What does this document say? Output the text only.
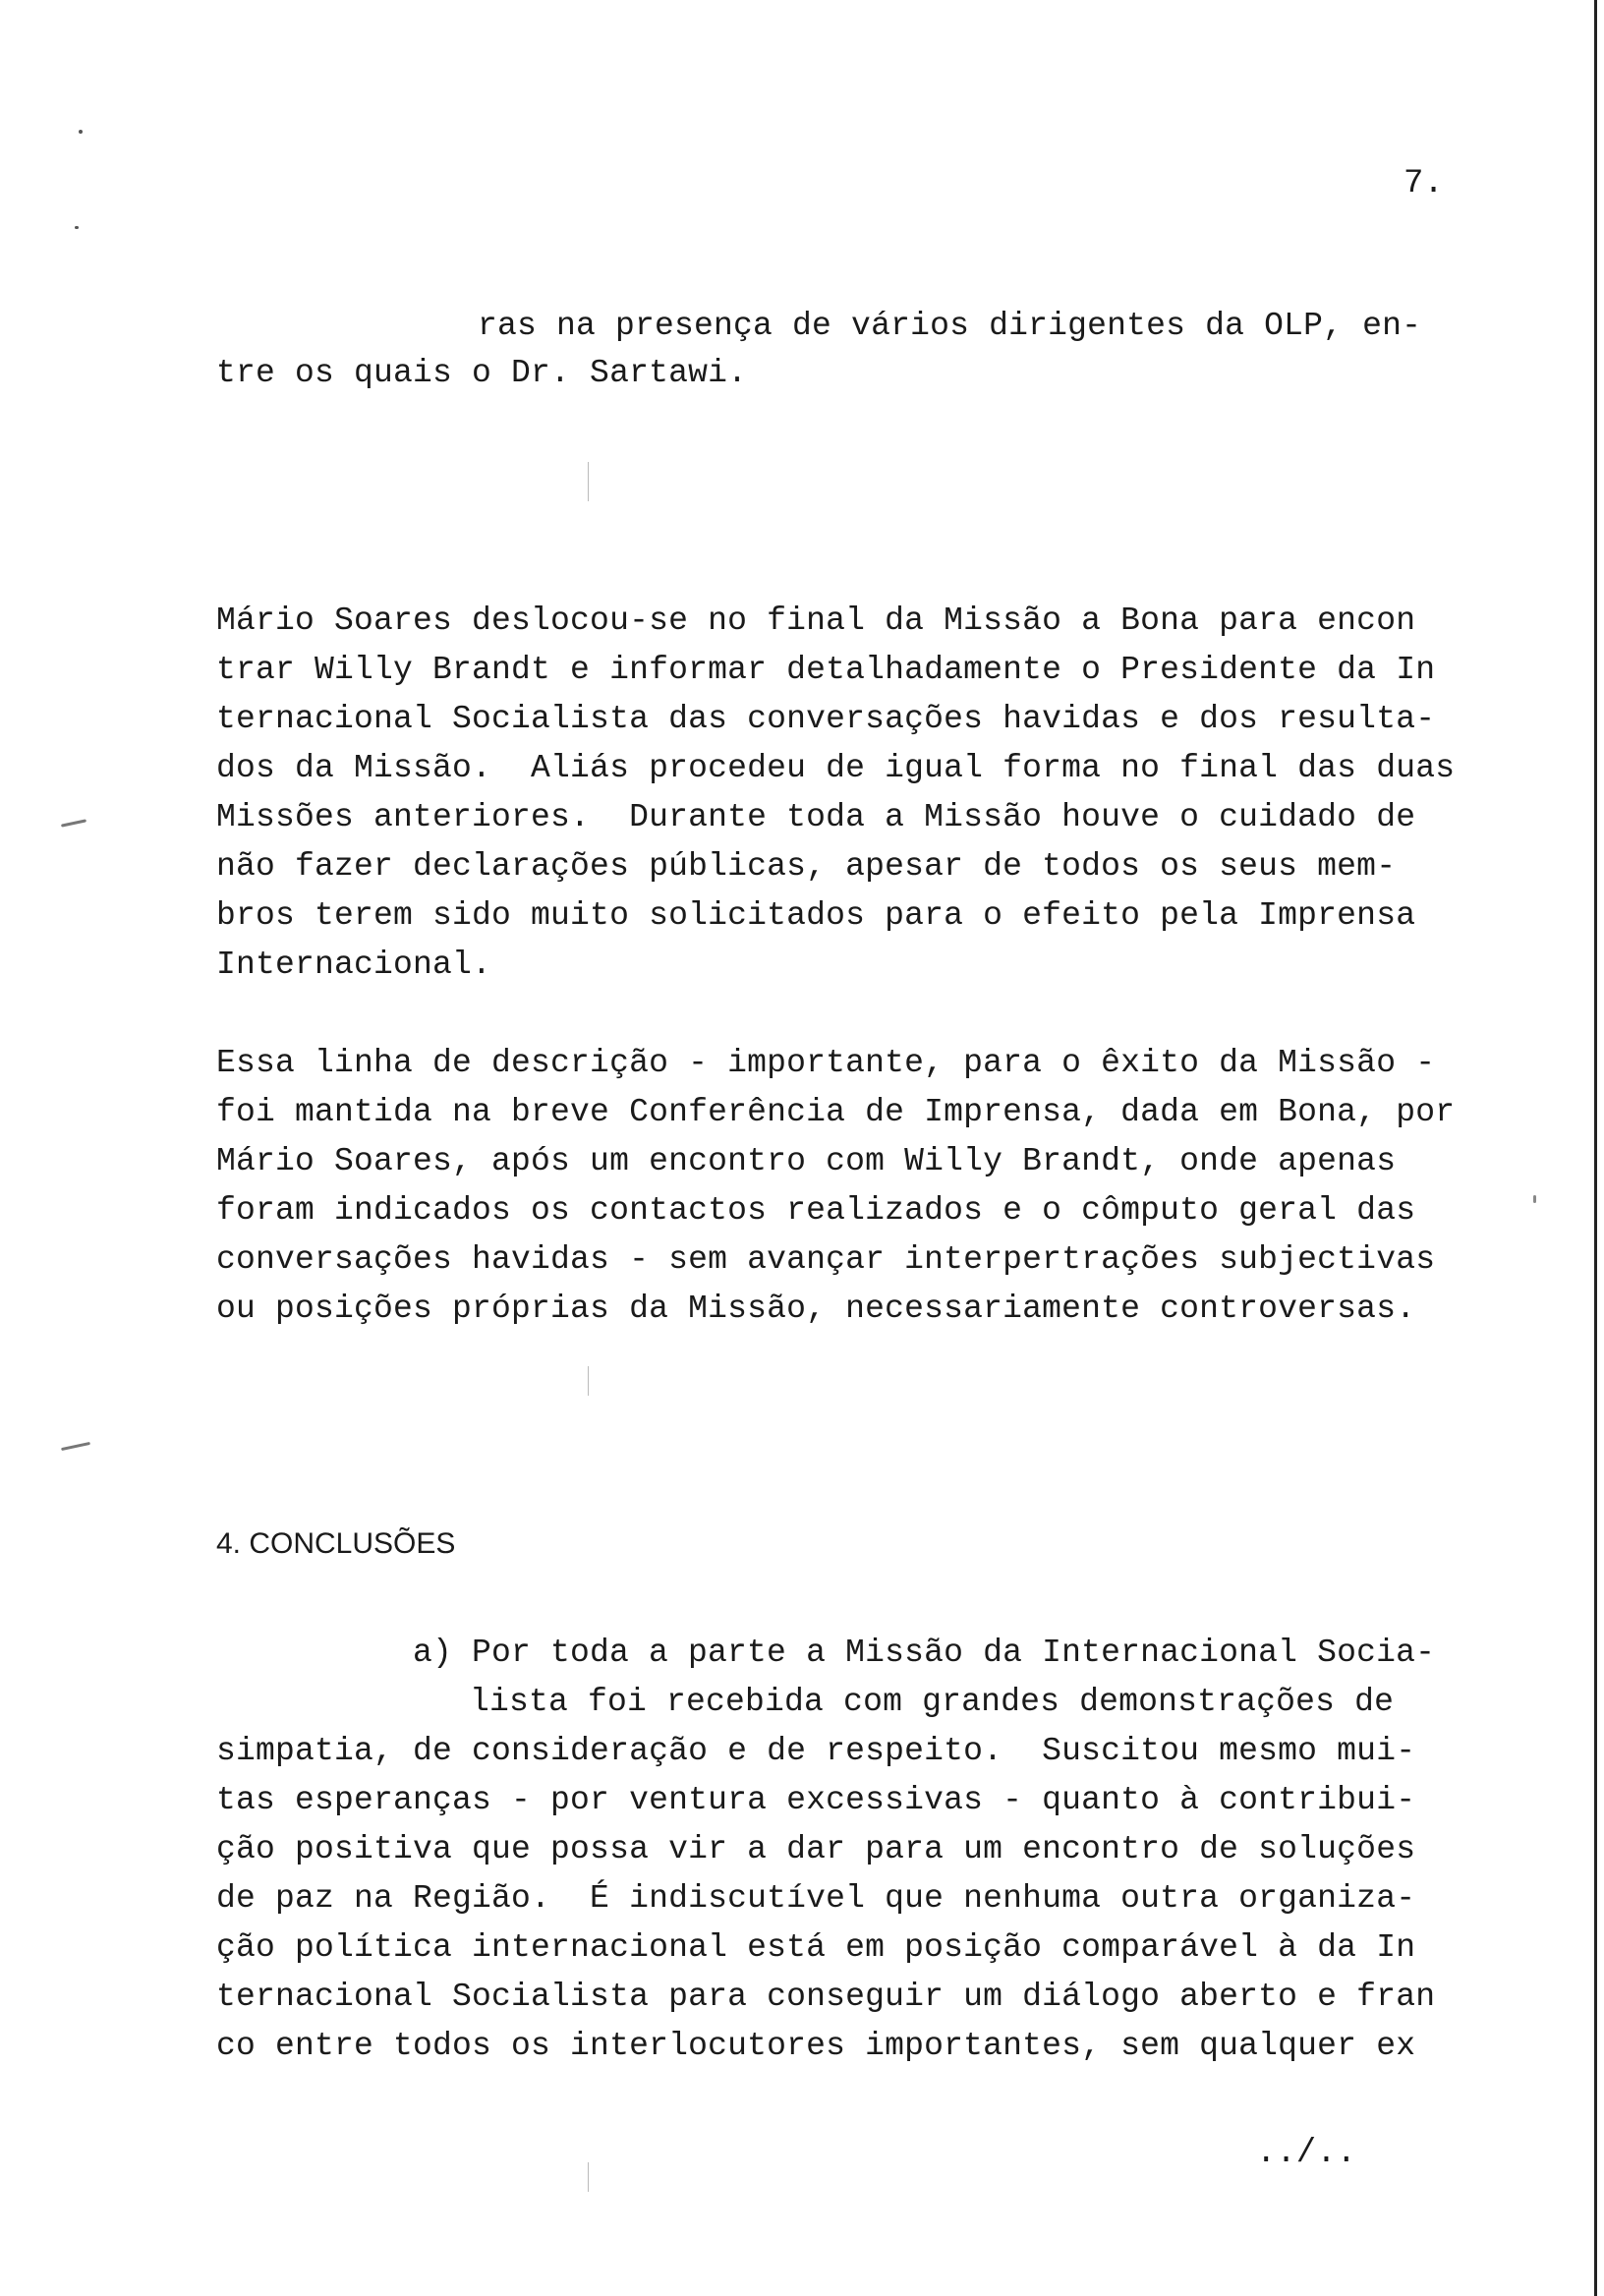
7.
ras na presença de vários dirigentes da OLP, en-
tre os quais o Dr. Sartawi.
Mário Soares deslocou-se no final da Missão a Bona para encon
trar Willy Brandt e informar detalhadamente o Presidente da In
ternacional Socialista das conversações havidas e dos resulta-
dos da Missão.  Aliás procedeu de igual forma no final das duas
Missões anteriores.  Durante toda a Missão houve o cuidado de
não fazer declarações públicas, apesar de todos os seus mem-
bros terem sido muito solicitados para o efeito pela Imprensa
Internacional.
Essa linha de descrição - importante, para o êxito da Missão -
foi mantida na breve Conferência de Imprensa, dada em Bona, por
Mário Soares, após um encontro com Willy Brandt, onde apenas
foram indicados os contactos realizados e o cômputo geral das
conversações havidas - sem avançar interpertrações subjectivas
ou posições próprias da Missão, necessariamente controversas.
4. CONCLUSÕES
a) Por toda a parte a Missão da Internacional Socia-
lista foi recebida com grandes demonstrações de
simpatia, de consideração e de respeito.  Suscitou mesmo mui-
tas esperanças - por ventura excessivas - quanto à contribui-
ção positiva que possa vir a dar para um encontro de soluções
de paz na Região.  É indiscutível que nenhuma outra organiza-
ção política internacional está em posição comparável à da In
ternacional Socialista para conseguir um diálogo aberto e fran
co entre todos os interlocutores importantes, sem qualquer ex
../..
